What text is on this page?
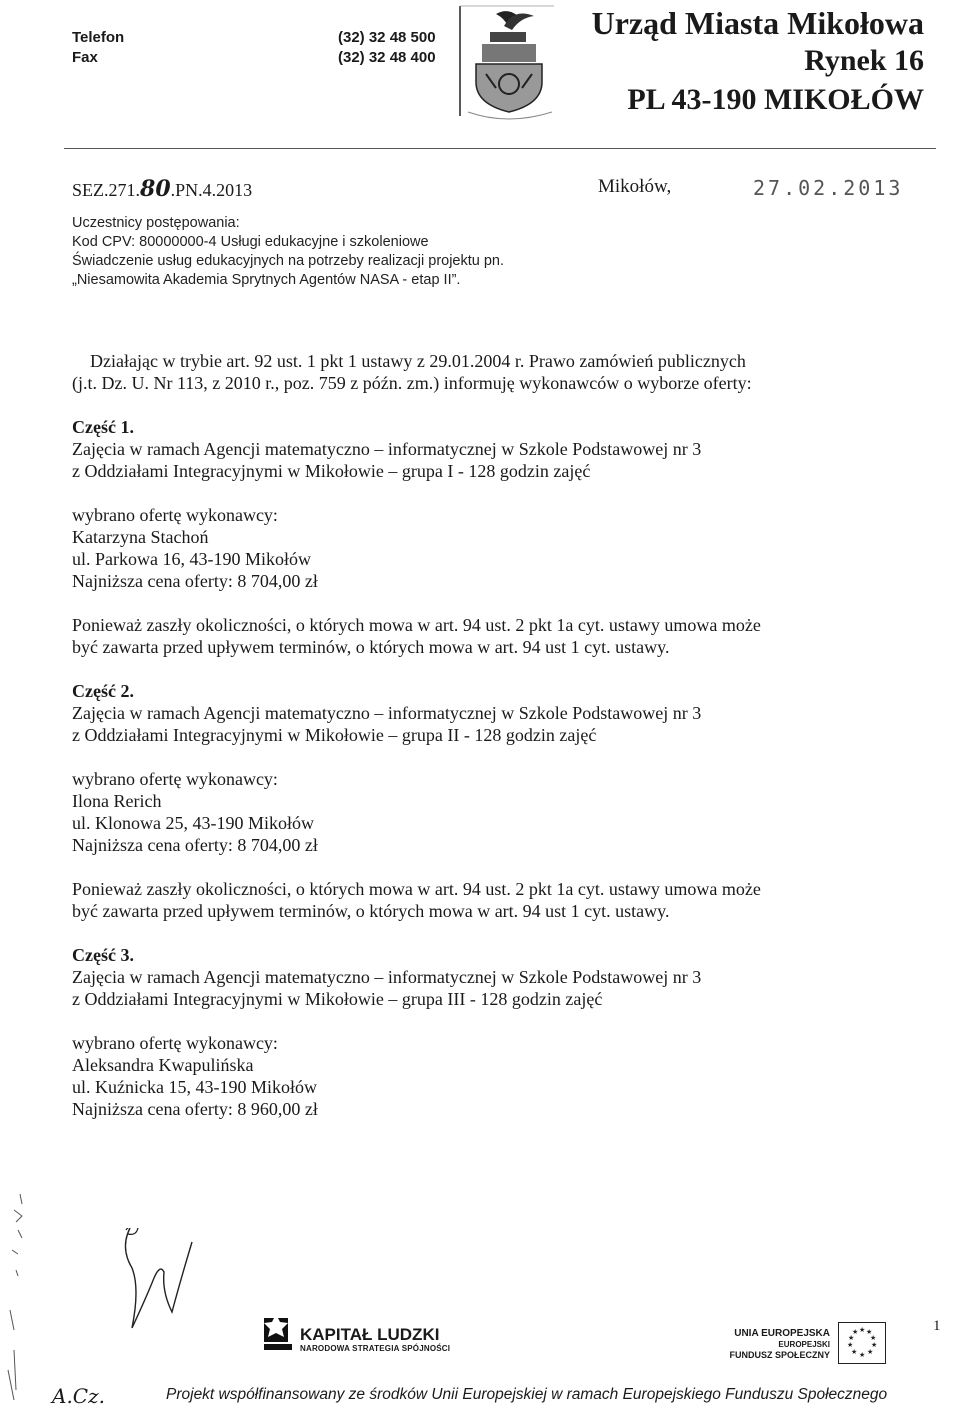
Telefon	(32) 32 48 500
Fax	(32) 32 48 400
Urząd Miasta Mikołowa
Rynek 16
PL 43-190 MIKOŁÓW
SEZ.271.80.PN.4.2013	Mikołów,	27.02.2013
Uczestnicy postępowania:
Kod CPV: 80000000-4 Usługi edukacyjne i szkoleniowe
Świadczenie usług edukacyjnych na potrzeby realizacji projektu pn.
„Niesamowita Akademia Sprytnych Agentów NASA - etap II”.
Działając w trybie art. 92 ust. 1 pkt 1 ustawy z 29.01.2004 r. Prawo zamówień publicznych
(j.t. Dz. U. Nr 113, z 2010 r., poz. 759 z późn. zm.) informuję wykonawców o wyborze oferty:
Część 1.
Zajęcia w ramach Agencji matematyczno – informatycznej w Szkole Podstawowej nr 3
z Oddziałami Integracyjnymi w Mikołowie – grupa I - 128 godzin zajęć
wybrano ofertę wykonawcy:
Katarzyna Stachoń
ul. Parkowa 16, 43-190 Mikołów
Najniższa cena oferty: 8 704,00 zł
Ponieważ zaszły okoliczności, o których mowa w art. 94 ust. 2 pkt 1a cyt. ustawy umowa może
być zawarta przed upływem terminów, o których mowa w art. 94 ust 1 cyt. ustawy.
Część 2.
Zajęcia w ramach Agencji matematyczno – informatycznej w Szkole Podstawowej nr 3
z Oddziałami Integracyjnymi w Mikołowie – grupa II - 128 godzin zajęć
wybrano ofertę wykonawcy:
Ilona Rerich
ul. Klonowa 25, 43-190 Mikołów
Najniższa cena oferty: 8 704,00 zł
Ponieważ zaszły okoliczności, o których mowa w art. 94 ust. 2 pkt 1a cyt. ustawy umowa może
być zawarta przed upływem terminów, o których mowa w art. 94 ust 1 cyt. ustawy.
Część 3.
Zajęcia w ramach Agencji matematyczno – informatycznej w Szkole Podstawowej nr 3
z Oddziałami Integracyjnymi w Mikołowie – grupa III - 128 godzin zajęć
wybrano ofertę wykonawcy:
Aleksandra Kwapulińska
ul. Kuźnicka 15, 43-190 Mikołów
Najniższa cena oferty: 8 960,00 zł
1
KAPITAŁ LUDZKI
NARODOWA STRATEGIA SPÓJNOŚCI
UNIA EUROPEJSKA
EUROPEJSKI
FUNDUSZ SPOŁECZNY
★ ★
★
★
★
★
★
★
★
★
A.Cz.	Projekt współfinansowany ze środków Unii Europejskiej w ramach Europejskiego Funduszu Społecznego
